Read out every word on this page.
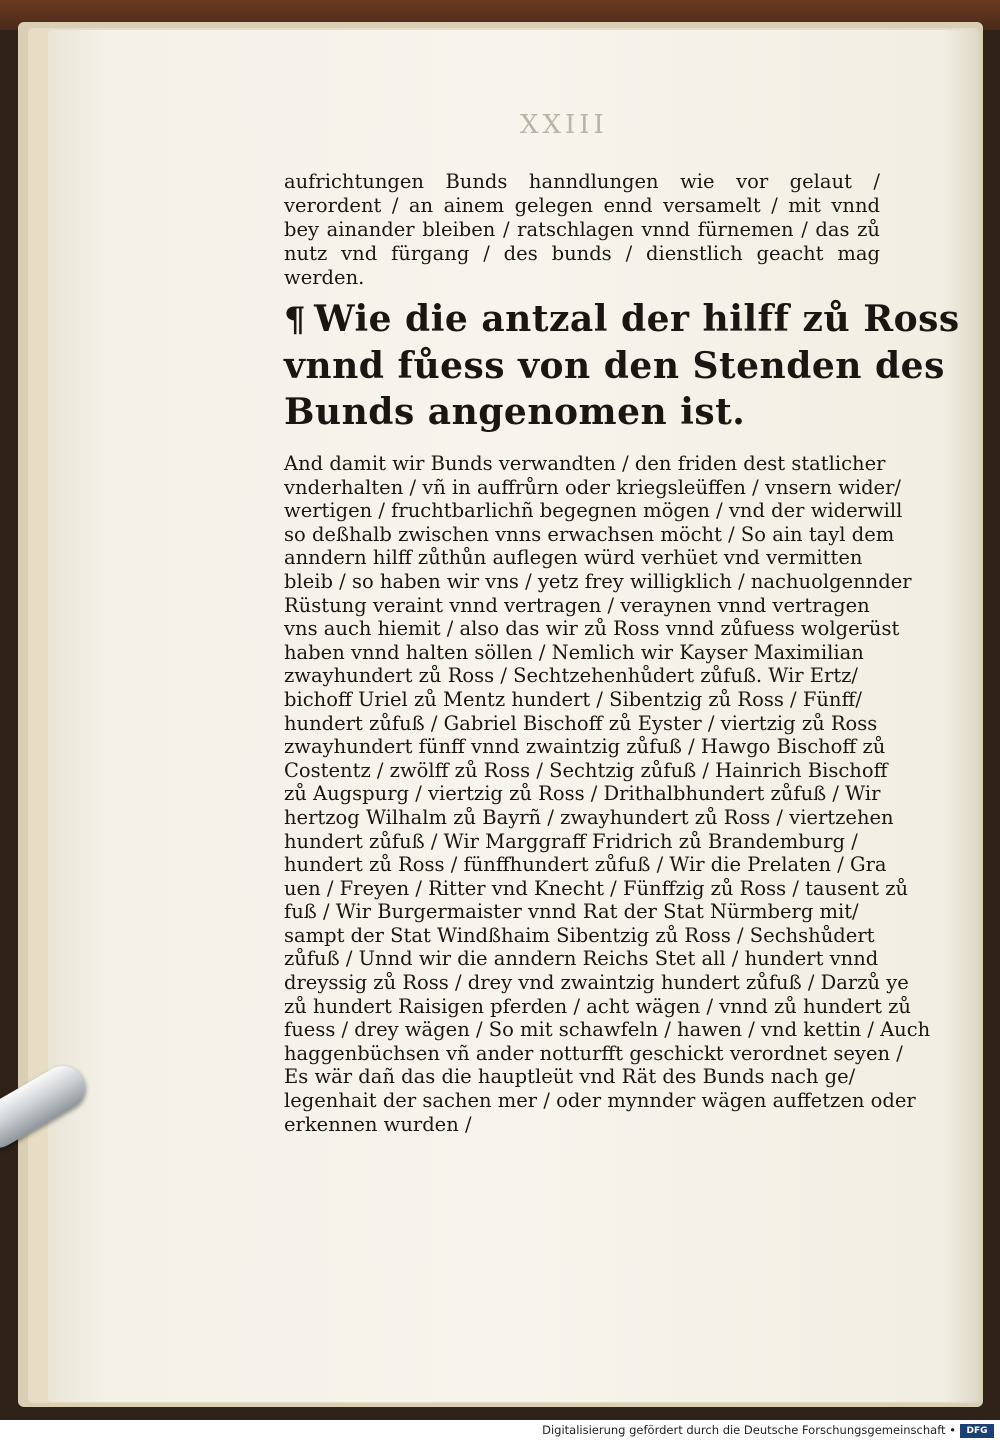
XXIII
aufrichtungen Bunds hanndlungen wie vor gelaut / verordent / an ainem gelegen ennd versamelt / mit vnnd bey ainander bleiben / ratschlagen vnnd fürnemen / das zů nutz vnd fürgang / des bunds / dienstlich geacht mag werden.
¶ Wie die antzal der hilff zů Ross
vnnd fůess von den Stenden des
Bunds angenomen ist.
And damit wir Bunds verwandten / den friden dest statlicher
vnderhalten / vñ in auffrůrn oder kriegsleüffen / vnsern wider/
wertigen / fruchtbarlichñ begegnen mögen / vnd der widerwill
so deßhalb zwischen vnns erwachsen möcht / So ain tayl dem
anndern hilff zůthůn auflegen würd verhüet vnd vermitten
bleib / so haben wir vns / yetz frey willigklich / nachuolgennder
Rüstung veraint vnnd vertragen / veraynen vnnd vertragen
vns auch hiemit / also das wir zů Ross vnnd zůfuess wolgerüst
haben vnnd halten söllen / Nemlich wir Kayser Maximilian
zwayhundert zů Ross / Sechtzehenhůdert zůfuß. Wir Ertz/
bichoff Uriel zů Mentz hundert / Sibentzig zů Ross / Fünff/
hundert zůfuß / Gabriel Bischoff zů Eyster / viertzig zů Ross
zwayhundert fünff vnnd zwaintzig zůfuß / Hawgo Bischoff zů
Costentz / zwölff zů Ross / Sechtzig zůfuß / Hainrich Bischoff
zů Augspurg / viertzig zů Ross / Drithalbhundert zůfuß / Wir
hertzog Wilhalm zů Bayrñ / zwayhundert zů Ross / viertzehen
hundert zůfuß / Wir Marggraff Fridrich zů Brandemburg /
hundert zů Ross / fünffhundert zůfuß / Wir die Prelaten / Gra
uen / Freyen / Ritter vnd Knecht / Fünffzig zů Ross / tausent zů
fuß / Wir Burgermaister vnnd Rat der Stat Nürmberg mit/
sampt der Stat Windßhaim Sibentzig zů Ross / Sechshůdert
zůfuß / Unnd wir die anndern Reichs Stet all / hundert vnnd
dreyssig zů Ross / drey vnd zwaintzig hundert zůfuß / Darzů ye
zů hundert Raisigen pferden / acht wägen / vnnd zů hundert zů
fuess / drey wägen / So mit schawfeln / hawen / vnd kettin / Auch
haggenbüchsen vñ ander notturfft geschickt verordnet seyen /
Es wär dañ das die hauptleüt vnd Rät des Bunds nach ge/
legenhait der sachen mer / oder mynnder wägen auffetzen oder
erkennen wurden /
Digitalisierung gefördert durch die Deutsche Forschungsgemeinschaft •	DFG
